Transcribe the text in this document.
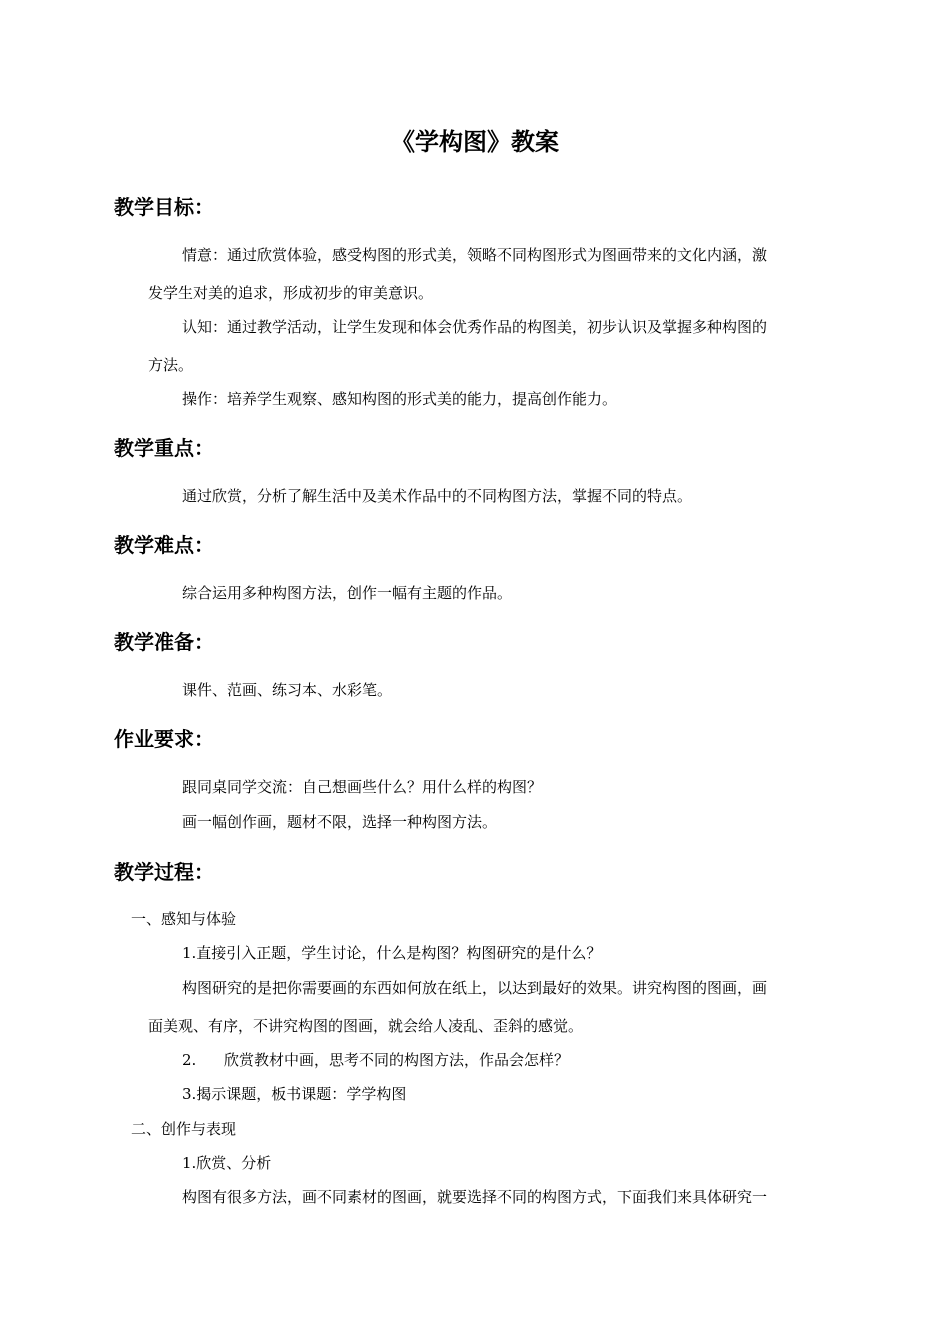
《学构图》教案
教学目标：
情意：通过欣赏体验，感受构图的形式美，领略不同构图形式为图画带来的文化内涵，激
发学生对美的追求，形成初步的审美意识。
认知：通过教学活动，让学生发现和体会优秀作品的构图美，初步认识及掌握多种构图的
方法。
操作：培养学生观察、感知构图的形式美的能力，提高创作能力。
教学重点：
通过欣赏，分析了解生活中及美术作品中的不同构图方法，掌握不同的特点。
教学难点：
综合运用多种构图方法，创作一幅有主题的作品。
教学准备：
课件、范画、练习本、水彩笔。
作业要求：
跟同桌同学交流：自己想画些什么？用什么样的构图？
画一幅创作画，题材不限，选择一种构图方法。
教学过程：
一、感知与体验
1.直接引入正题，学生讨论，什么是构图？构图研究的是什么？
构图研究的是把你需要画的东西如何放在纸上，以达到最好的效果。讲究构图的图画，画
面美观、有序，不讲究构图的图画，就会给人凌乱、歪斜的感觉。
2. 欣赏教材中画，思考不同的构图方法，作品会怎样？
3.揭示课题，板书课题：学学构图
二、创作与表现
1.欣赏、分析
构图有很多方法，画不同素材的图画，就要选择不同的构图方式，下面我们来具体研究一
